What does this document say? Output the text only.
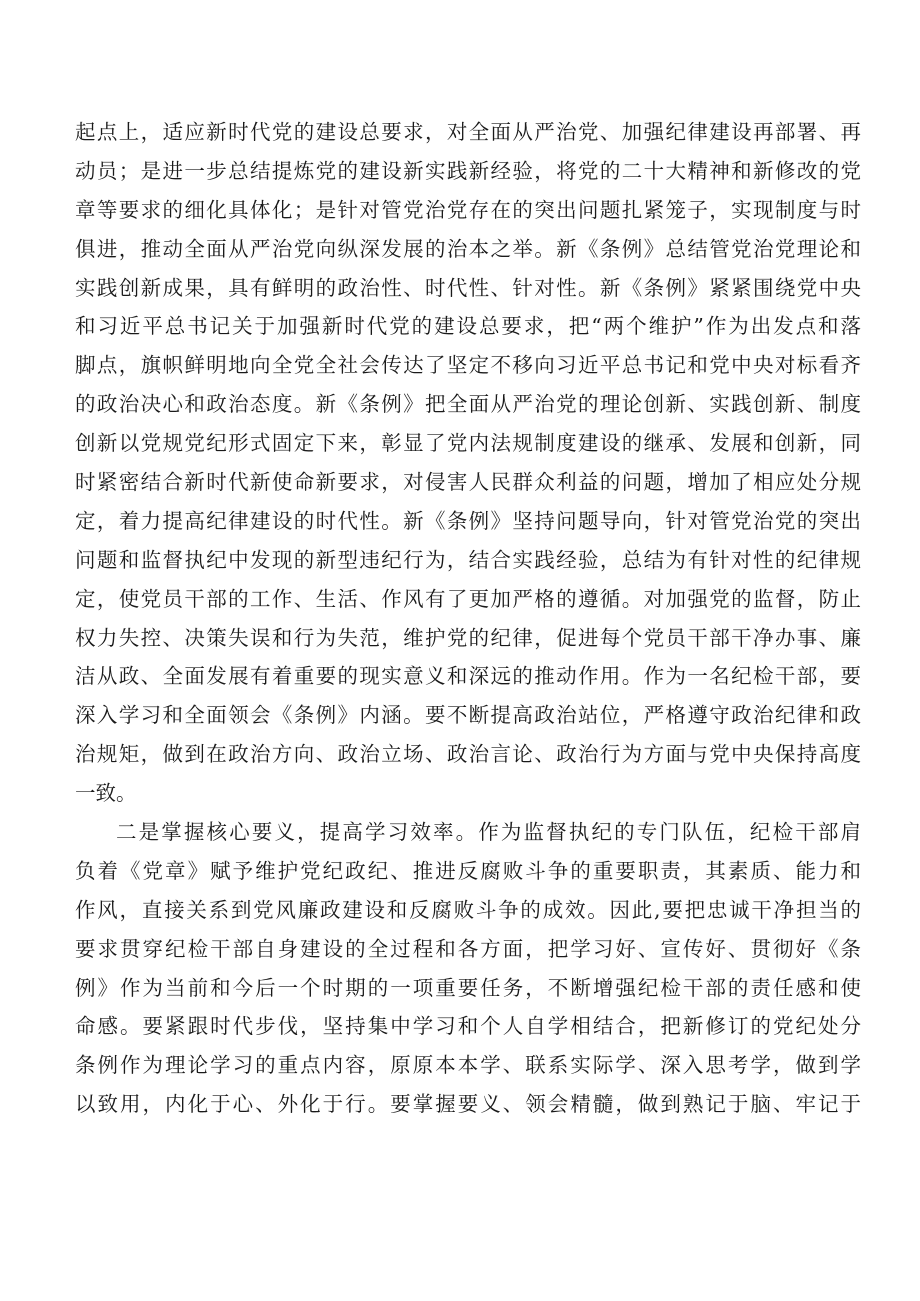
起点上，适应新时代党的建设总要求，对全面从严治党、加强纪律建设再部署、再
动员；是进一步总结提炼党的建设新实践新经验，将党的二十大精神和新修改的党
章等要求的细化具体化；是针对管党治党存在的突出问题扎紧笼子，实现制度与时
俱进，推动全面从严治党向纵深发展的治本之举。新《条例》总结管党治党理论和
实践创新成果，具有鲜明的政治性、时代性、针对性。新《条例》紧紧围绕党中央
和习近平总书记关于加强新时代党的建设总要求，把“两个维护”作为出发点和落
脚点，旗帜鲜明地向全党全社会传达了坚定不移向习近平总书记和党中央对标看齐
的政治决心和政治态度。新《条例》把全面从严治党的理论创新、实践创新、制度
创新以党规党纪形式固定下来，彰显了党内法规制度建设的继承、发展和创新，同
时紧密结合新时代新使命新要求，对侵害人民群众利益的问题，增加了相应处分规
定，着力提高纪律建设的时代性。新《条例》坚持问题导向，针对管党治党的突出
问题和监督执纪中发现的新型违纪行为，结合实践经验，总结为有针对性的纪律规
定，使党员干部的工作、生活、作风有了更加严格的遵循。对加强党的监督，防止
权力失控、决策失误和行为失范，维护党的纪律，促进每个党员干部干净办事、廉
洁从政、全面发展有着重要的现实意义和深远的推动作用。作为一名纪检干部，要
深入学习和全面领会《条例》内涵。要不断提高政治站位，严格遵守政治纪律和政
治规矩，做到在政治方向、政治立场、政治言论、政治行为方面与党中央保持高度
一致。
二是掌握核心要义，提高学习效率。作为监督执纪的专门队伍，纪检干部肩
负着《党章》赋予维护党纪政纪、推进反腐败斗争的重要职责，其素质、能力和
作风，直接关系到党风廉政建设和反腐败斗争的成效。因此,要把忠诚干净担当的
要求贯穿纪检干部自身建设的全过程和各方面，把学习好、宣传好、贯彻好《条
例》作为当前和今后一个时期的一项重要任务，不断增强纪检干部的责任感和使
命感。要紧跟时代步伐，坚持集中学习和个人自学相结合，把新修订的党纪处分
条例作为理论学习的重点内容，原原本本学、联系实际学、深入思考学，做到学
以致用，内化于心、外化于行。要掌握要义、领会精髓，做到熟记于脑、牢记于
